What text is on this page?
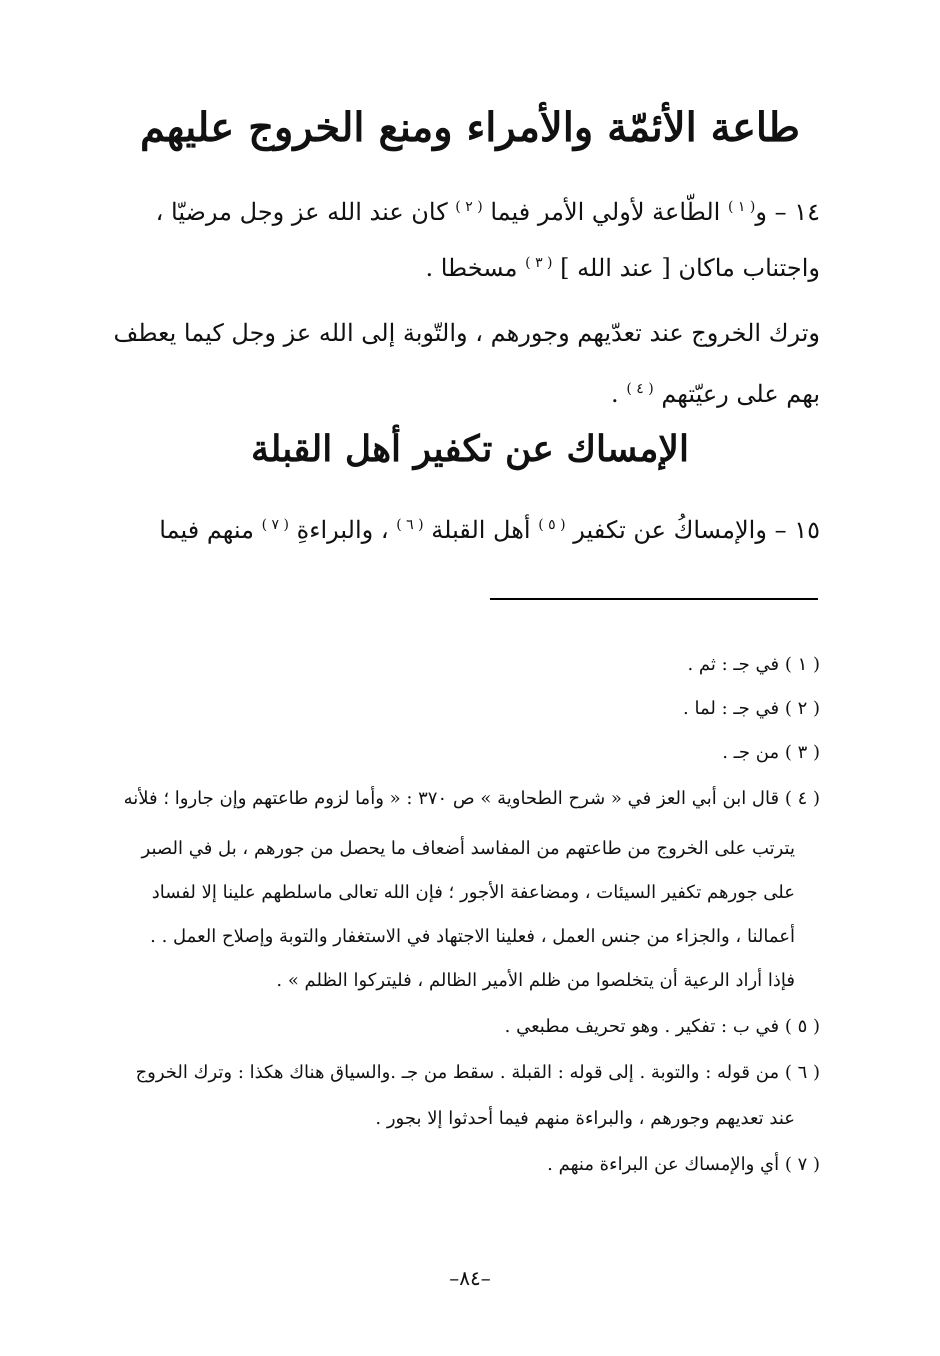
طاعة الأئمّة والأمراء ومنع الخروج عليهم
١٤ – و$^{( ١ )}$ الطّاعة لأولي الأمر فيما $^{( ٢ )}$ كان عند الله عز وجل مرضيّا ،
واجتناب ماكان [ عند الله ] $^{( ٣ )}$ مسخطا .
وترك الخروج عند تعدّيهم وجورهم ، والتّوبة إلى الله عز وجل كيما يعطف
بهم على رعيّتهم $^{( ٤ )}$ .
الإمساك عن تكفير أهل القبلة
١٥ – والإمساكُ عن تكفير $^{( ٥ )}$ أهل القبلة $^{( ٦ )}$ ، والبراءةِ $^{( ٧ )}$ منهم فيما
( ١ ) في جـ : ثم .
( ٢ ) في جـ : لما .
( ٣ ) من جـ .
( ٤ ) قال ابن أبي العز في « شرح الطحاوية » ص ٣٧٠ : « وأما لزوم طاعتهم وإن جاروا ؛ فلأنه
يترتب على الخروج من طاعتهم من المفاسد أضعاف ما يحصل من جورهم ، بل في الصبر
على جورهم تكفير السيئات ، ومضاعفة الأجور ؛ فإن الله تعالى ماسلطهم علينا إلا لفساد
أعمالنا ، والجزاء من جنس العمل ، فعلينا الاجتهاد في الاستغفار والتوبة وإصلاح العمل . .
فإذا أراد الرعية أن يتخلصوا من ظلم الأمير الظالم ، فليتركوا الظلم » .
( ٥ ) في ب : تفكير . وهو تحريف مطبعي .
( ٦ ) من قوله : والتوبة . إلى قوله : القبلة . سقط من جـ .والسياق هناك هكذا : وترك الخروج
عند تعديهم وجورهم ، والبراءة منهم فيما أحدثوا إلا بجور .
( ٧ ) أي والإمساك عن البراءة منهم .
–٨٤–
